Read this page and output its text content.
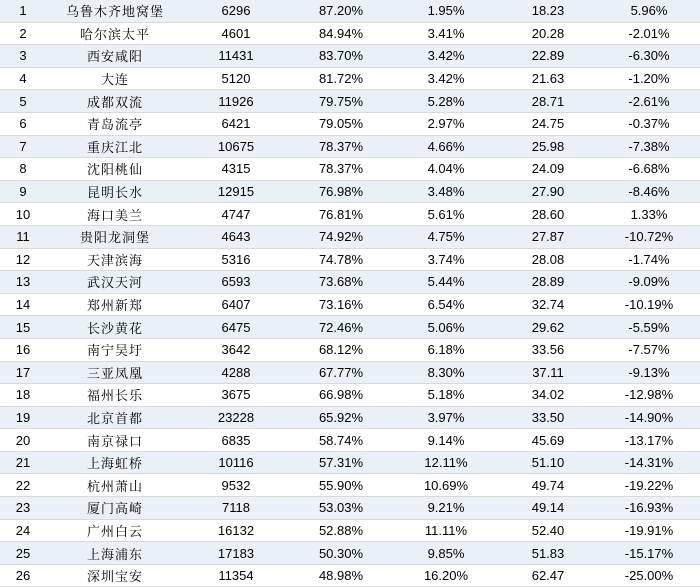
1	乌鲁木齐地窝堡	6296	87.20%	1.95%	18.23	5.96%
2	哈尔滨太平	4601	84.94%	3.41%	20.28	-2.01%
3	西安咸阳	11431	83.70%	3.42%	22.89	-6.30%
4	大连	5120	81.72%	3.42%	21.63	-1.20%
5	成都双流	11926	79.75%	5.28%	28.71	-2.61%
6	青岛流亭	6421	79.05%	2.97%	24.75	-0.37%
7	重庆江北	10675	78.37%	4.66%	25.98	-7.38%
8	沈阳桃仙	4315	78.37%	4.04%	24.09	-6.68%
9	昆明长水	12915	76.98%	3.48%	27.90	-8.46%
10	海口美兰	4747	76.81%	5.61%	28.60	1.33%
11	贵阳龙洞堡	4643	74.92%	4.75%	27.87	-10.72%
12	天津滨海	5316	74.78%	3.74%	28.08	-1.74%
13	武汉天河	6593	73.68%	5.44%	28.89	-9.09%
14	郑州新郑	6407	73.16%	6.54%	32.74	-10.19%
15	长沙黄花	6475	72.46%	5.06%	29.62	-5.59%
16	南宁吴圩	3642	68.12%	6.18%	33.56	-7.57%
17	三亚凤凰	4288	67.77%	8.30%	37.11	-9.13%
18	福州长乐	3675	66.98%	5.18%	34.02	-12.98%
19	北京首都	23228	65.92%	3.97%	33.50	-14.90%
20	南京禄口	6835	58.74%	9.14%	45.69	-13.17%
21	上海虹桥	10116	57.31%	12.11%	51.10	-14.31%
22	杭州萧山	9532	55.90%	10.69%	49.74	-19.22%
23	厦门高崎	7118	53.03%	9.21%	49.14	-16.93%
24	广州白云	16132	52.88%	11.11%	52.40	-19.91%
25	上海浦东	17183	50.30%	9.85%	51.83	-15.17%
26	深圳宝安	11354	48.98%	16.20%	62.47	-25.00%
